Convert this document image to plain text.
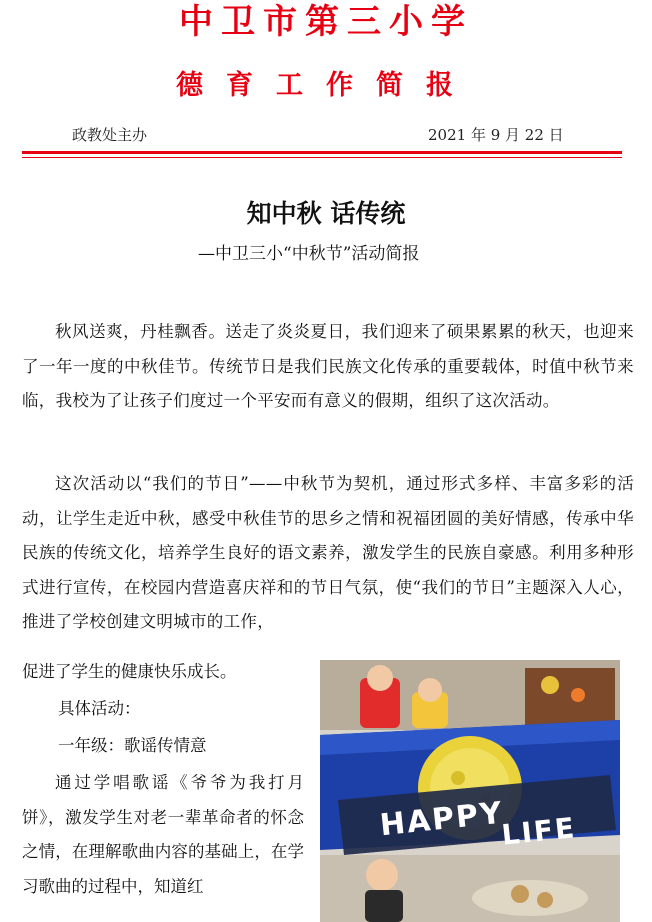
中卫市第三小学
德育工作简报
政教处主办	2021 年 9 月 22 日
知中秋 话传统
—中卫三小“中秋节”活动简报

秋风送爽，丹桂飘香。送走了炎炎夏日，我们迎来了硕果累累的秋天，也迎来了一年一度的中秋佳节。传统节日是我们民族文化传承的重要载体，时值中秋节来临，我校为了让孩子们度过一个平安而有意义的假期，组织了这次活动。

这次活动以“我们的节日”——中秋节为契机，通过形式多样、丰富多彩的活动，让学生走近中秋，感受中秋佳节的思乡之情和祝福团圆的美好情感，传承中华民族的传统文化，培养学生良好的语文素养，激发学生的民族自豪感。利用多种形式进行宣传，在校园内营造喜庆祥和的节日气氛，使“我们的节日”主题深入人心，推进了学校创建文明城市的工作，

促进了学生的健康快乐成长。
具体活动：
一年级：歌谣传情意

通过学唱歌谣《爷爷为我打月饼》，激发学生对老一辈革命者的怀念之情，在理解歌曲内容的基础上，在学习歌曲的过程中，知道红

HAPPY
LIFE
